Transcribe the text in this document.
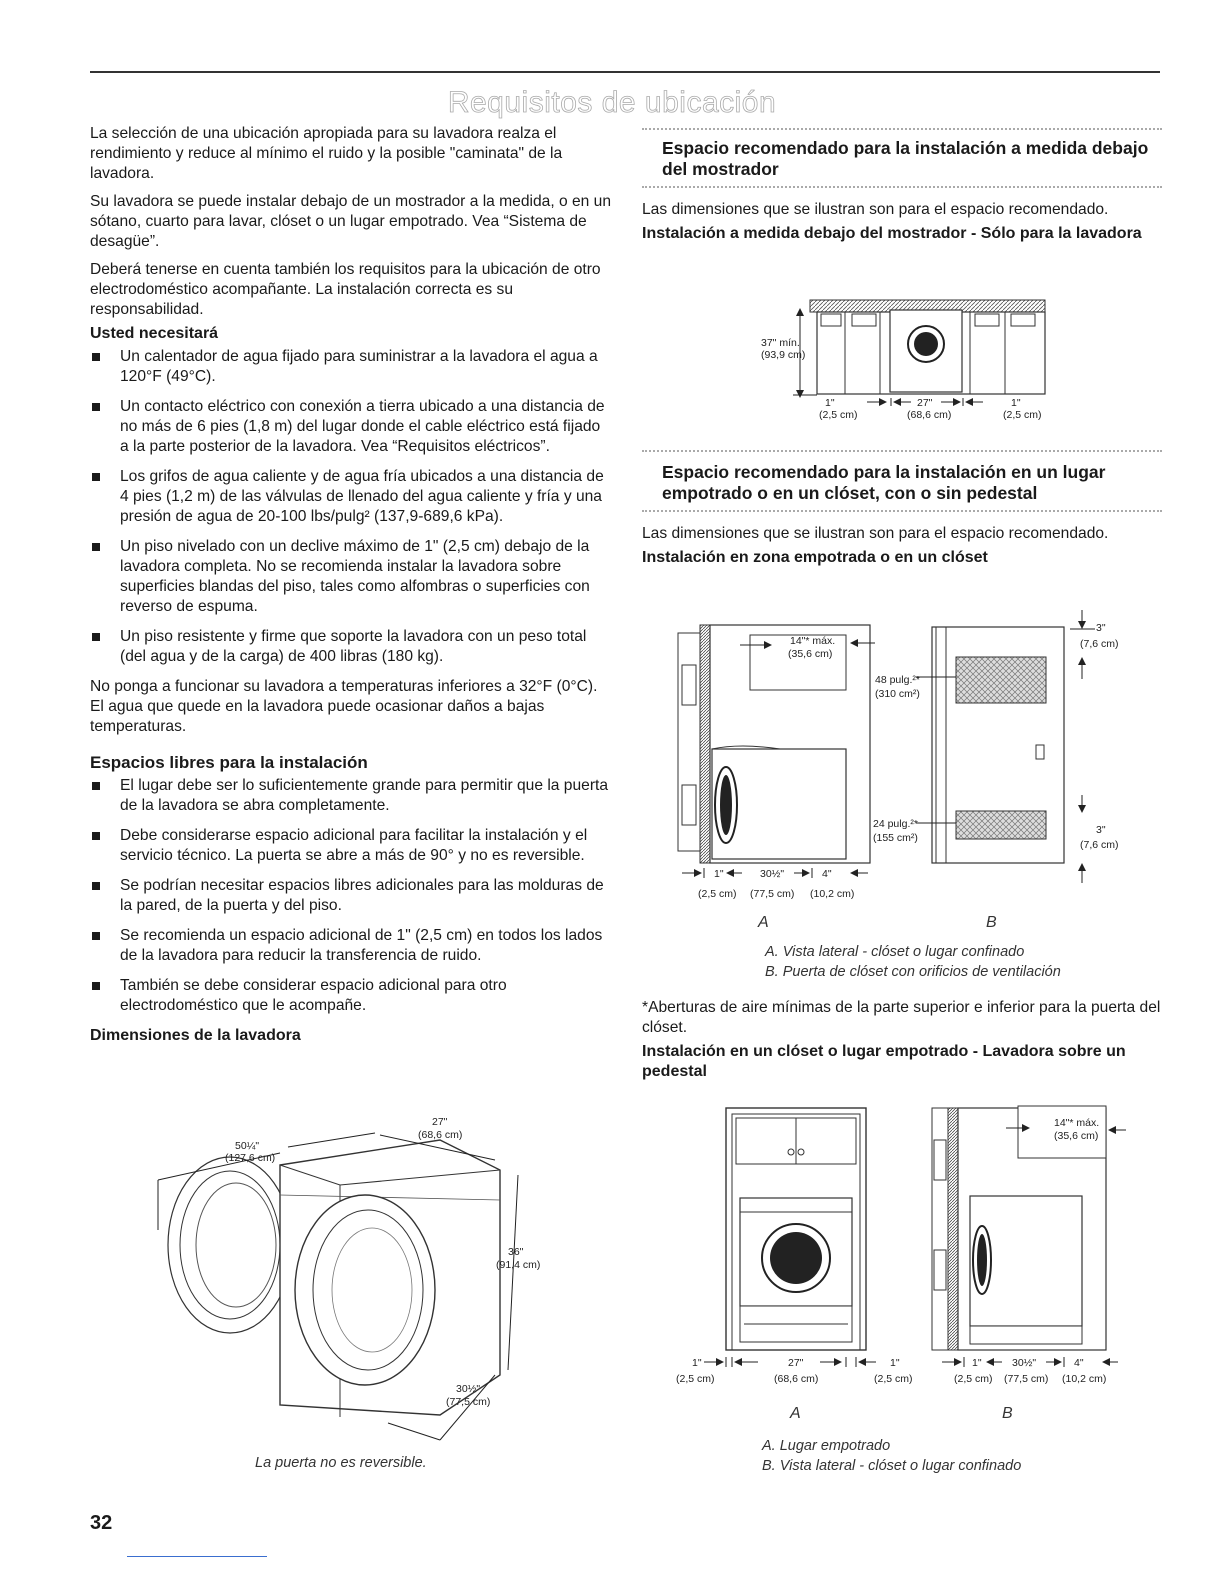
Requisitos de ubicación

La selección de una ubicación apropiada para su lavadora realza el rendimiento y reduce al mínimo el ruido y la posible "caminata" de la lavadora.

Su lavadora se puede instalar debajo de un mostrador a la medida, o en un sótano, cuarto para lavar, clóset o un lugar empotrado. Vea “Sistema de desagüe”.

Deberá tenerse en cuenta también los requisitos para la ubicación de otro electrodoméstico acompañante. La instalación correcta es su responsabilidad.

Usted necesitará
Un calentador de agua fijado para suministrar a la lavadora el agua a 120°F (49°C).
Un contacto eléctrico con conexión a tierra ubicado a una distancia de no más de 6 pies (1,8 m) del lugar donde el cable eléctrico está fijado a la parte posterior de la lavadora. Vea “Requisitos eléctricos”.
Los grifos de agua caliente y de agua fría ubicados a una distancia de 4 pies (1,2 m) de las válvulas de llenado del agua caliente y fría y una presión de agua de 20-100 lbs/pulg² (137,9-689,6 kPa).
Un piso nivelado con un declive máximo de 1" (2,5 cm) debajo de la lavadora completa. No se recomienda instalar la lavadora sobre superficies blandas del piso, tales como alfombras o superficies con reverso de espuma.
Un piso resistente y firme que soporte la lavadora con un peso total (del agua y de la carga) de 400 libras (180 kg).

No ponga a funcionar su lavadora a temperaturas inferiores a 32°F (0°C). El agua que quede en la lavadora puede ocasionar daños a bajas temperaturas.

Espacios libres para la instalación
El lugar debe ser lo suficientemente grande para permitir que la puerta de la lavadora se abra completamente.
Debe considerarse espacio adicional para facilitar la instalación y el servicio técnico. La puerta se abre a más de 90° y no es reversible.
Se podrían necesitar espacios libres adicionales para las molduras de la pared, de la puerta y del piso.
Se recomienda un espacio adicional de 1" (2,5 cm) en todos los lados de la lavadora para reducir la transferencia de ruido.
También se debe considerar espacio adicional para otro electrodoméstico que le acompañe.
Dimensiones de la lavadora
50¼"
(127,6 cm)
27"
(68,6 cm)
36"
(91,4 cm)
30½"
(77,5 cm)
La puerta no es reversible.
Espacio recomendado para la instalación a medida debajo del mostrador

Las dimensiones que se ilustran son para el espacio recomendado.

Instalación a medida debajo del mostrador - Sólo para la lavadora
37" mín.
(93,9 cm)
1"
(2,5 cm)
27"
(68,6 cm)
1"
(2,5 cm)
Espacio recomendado para la instalación en un lugar empotrado o en un clóset, con o sin pedestal

Las dimensiones que se ilustran son para el espacio recomendado.

Instalación en zona empotrada o en un clóset
14"* máx.
(35,6 cm)
48 pulg.²*
(310 cm²)
24 pulg.²*
(155 cm²)
3"
(7,6 cm)
3"
(7,6 cm)
1"
(2,5 cm)
30½"
(77,5 cm)
4"
(10,2 cm)
A	B
A. Vista lateral - clóset o lugar confinado
B. Puerta de clóset con orificios de ventilación

*Aberturas de aire mínimas de la parte superior e inferior para la puerta del clóset.

Instalación en un clóset o lugar empotrado - Lavadora sobre un pedestal
14"* máx.
(35,6 cm)
1"
(2,5 cm)
27"
(68,6 cm)
1"
(2,5 cm)
1"
(2,5 cm)
30½"
(77,5 cm)
4"
(10,2 cm)
A	B
A. Lugar empotrado
B. Vista lateral - clóset o lugar confinado
32
